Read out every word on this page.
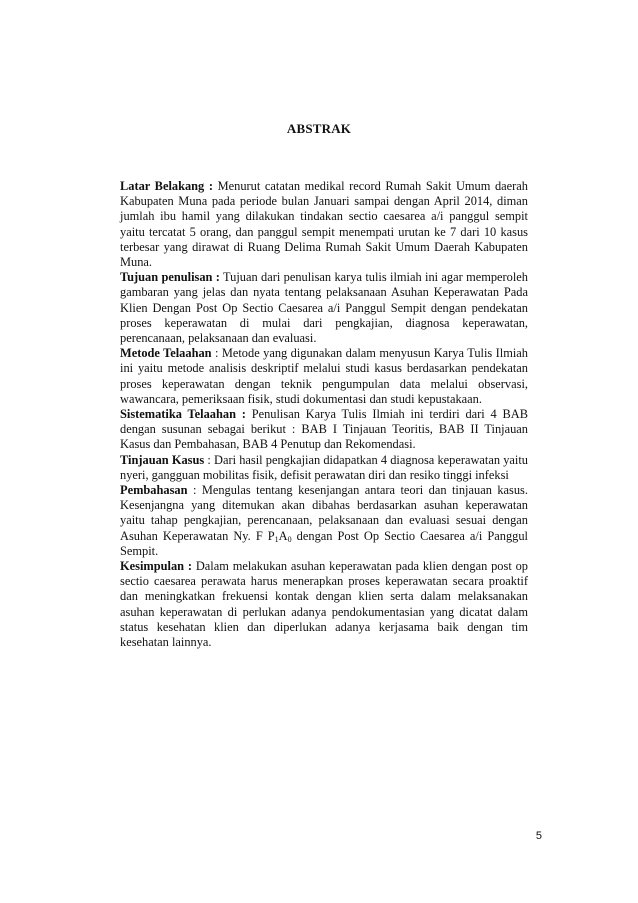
ABSTRAK

Latar Belakang : Menurut catatan medikal record Rumah Sakit Umum daerah Kabupaten Muna pada periode bulan Januari sampai dengan April 2014, diman jumlah ibu hamil yang dilakukan tindakan sectio caesarea a/i panggul sempit yaitu tercatat 5 orang, dan panggul sempit menempati urutan ke 7 dari 10 kasus terbesar yang dirawat di Ruang Delima Rumah Sakit Umum Daerah Kabupaten Muna.

Tujuan penulisan : Tujuan dari penulisan karya tulis ilmiah ini agar memperoleh gambaran yang jelas dan nyata tentang pelaksanaan Asuhan Keperawatan Pada Klien Dengan Post Op Sectio Caesarea a/i Panggul Sempit dengan pendekatan proses keperawatan di mulai dari pengkajian, diagnosa keperawatan, perencanaan, pelaksanaan dan evaluasi.

Metode Telaahan : Metode yang digunakan dalam menyusun Karya Tulis Ilmiah ini yaitu metode analisis deskriptif melalui studi kasus berdasarkan pendekatan proses keperawatan dengan teknik pengumpulan data melalui observasi, wawancara, pemeriksaan fisik, studi dokumentasi dan studi kepustakaan.

Sistematika Telaahan : Penulisan Karya Tulis Ilmiah ini terdiri dari 4 BAB dengan susunan sebagai berikut : BAB I Tinjauan Teoritis, BAB II Tinjauan Kasus dan Pembahasan, BAB 4 Penutup dan Rekomendasi.

Tinjauan Kasus : Dari hasil pengkajian didapatkan 4 diagnosa keperawatan yaitu nyeri, gangguan mobilitas fisik, defisit perawatan diri dan resiko tinggi infeksi

Pembahasan : Mengulas tentang kesenjangan antara teori dan tinjauan kasus. Kesenjangna yang ditemukan akan dibahas berdasarkan asuhan keperawatan yaitu tahap pengkajian, perencanaan, pelaksanaan dan evaluasi sesuai dengan Asuhan Keperawatan Ny. F $P_1A_0$ dengan Post Op Sectio Caesarea a/i Panggul Sempit.

Kesimpulan : Dalam melakukan asuhan keperawatan pada klien dengan post op sectio caesarea perawata harus menerapkan proses keperawatan secara proaktif dan meningkatkan frekuensi kontak dengan klien serta dalam melaksanakan asuhan keperawatan di perlukan adanya pendokumentasian yang dicatat dalam status kesehatan klien dan diperlukan adanya kerjasama baik dengan tim kesehatan lainnya.

5
